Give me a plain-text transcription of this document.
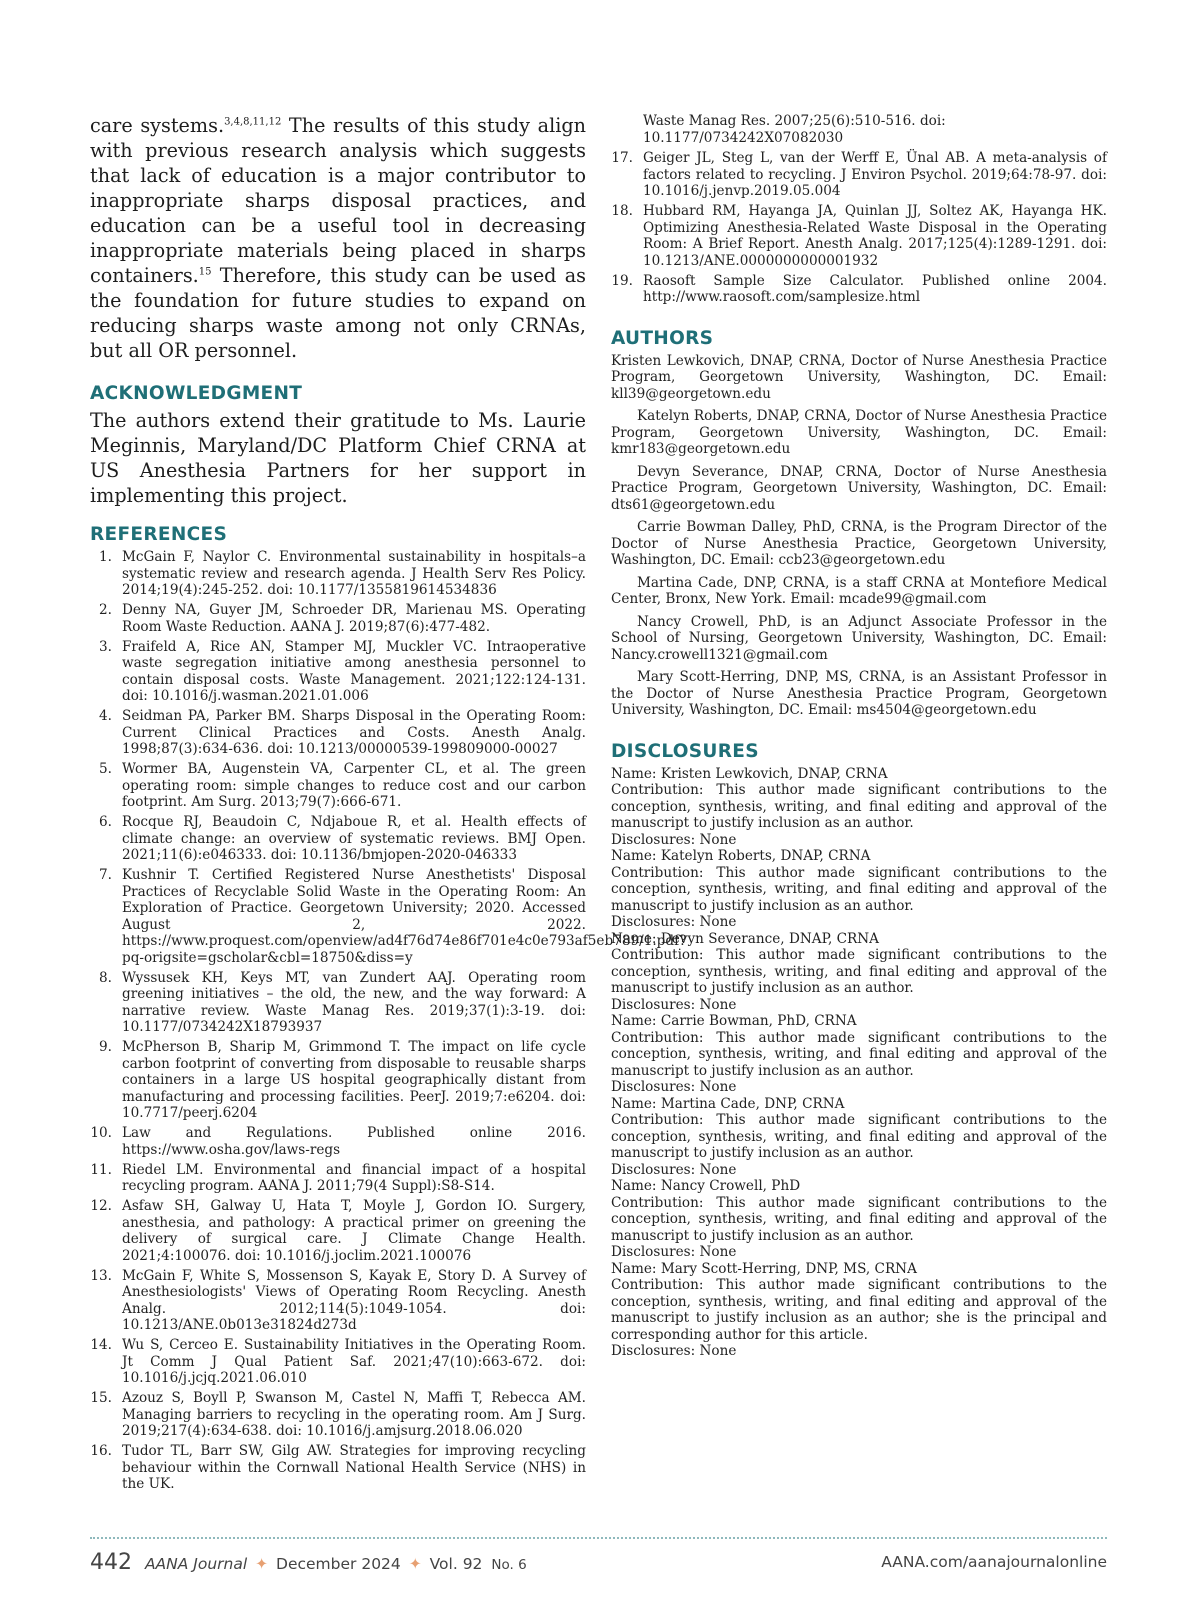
care systems.$^{3,4,8,11,12}$ The results of this study align with previous research analysis which suggests that lack of education is a major contributor to inappropriate sharps disposal practices, and education can be a useful tool in decreasing inappropriate materials being placed in sharps containers.$^{15}$ Therefore, this study can be used as the foundation for future studies to expand on reducing sharps waste among not only CRNAs, but all OR personnel.

ACKNOWLEDGMENT

The authors extend their gratitude to Ms. Laurie Meginnis, Maryland/DC Platform Chief CRNA at US Anesthesia Partners for her support in implementing this project.

REFERENCES
1. McGain F, Naylor C. Environmental sustainability in hospitals–a systematic review and research agenda. J Health Serv Res Policy. 2014;19(4):245-252. doi: 10.1177/1355819614534836
2. Denny NA, Guyer JM, Schroeder DR, Marienau MS. Operating Room Waste Reduction. AANA J. 2019;87(6):477-482.
3. Fraifeld A, Rice AN, Stamper MJ, Muckler VC. Intraoperative waste segregation initiative among anesthesia personnel to contain disposal costs. Waste Management. 2021;122:124-131. doi: 10.1016/j.wasman.2021.01.006
4. Seidman PA, Parker BM. Sharps Disposal in the Operating Room: Current Clinical Practices and Costs. Anesth Analg. 1998;87(3):634-636. doi: 10.1213/00000539-199809000-00027
5. Wormer BA, Augenstein VA, Carpenter CL, et al. The green operating room: simple changes to reduce cost and our carbon footprint. Am Surg. 2013;79(7):666-671.
6. Rocque RJ, Beaudoin C, Ndjaboue R, et al. Health effects of climate change: an overview of systematic reviews. BMJ Open. 2021;11(6):e046333. doi: 10.1136/bmjopen-2020-046333
7. Kushnir T. Certified Registered Nurse Anesthetists' Disposal Practices of Recyclable Solid Waste in the Operating Room: An Exploration of Practice. Georgetown University; 2020. Accessed August 2, 2022. https://www.proquest.com/openview/ad4f76d74e86f701e4c0e793af5eb789/1.pdf?pq-origsite=gscholar&cbl=18750&diss=y
8. Wyssusek KH, Keys MT, van Zundert AAJ. Operating room greening initiatives – the old, the new, and the way forward: A narrative review. Waste Manag Res. 2019;37(1):3-19. doi: 10.1177/0734242X18793937
9. McPherson B, Sharip M, Grimmond T. The impact on life cycle carbon footprint of converting from disposable to reusable sharps containers in a large US hospital geographically distant from manufacturing and processing facilities. PeerJ. 2019;7:e6204. doi: 10.7717/peerj.6204
10. Law and Regulations. Published online 2016. https://www.osha.gov/laws-regs
11. Riedel LM. Environmental and financial impact of a hospital recycling program. AANA J. 2011;79(4 Suppl):S8-S14.
12. Asfaw SH, Galway U, Hata T, Moyle J, Gordon IO. Surgery, anesthesia, and pathology: A practical primer on greening the delivery of surgical care. J Climate Change Health. 2021;4:100076. doi: 10.1016/j.joclim.2021.100076
13. McGain F, White S, Mossenson S, Kayak E, Story D. A Survey of Anesthesiologists' Views of Operating Room Recycling. Anesth Analg. 2012;114(5):1049-1054. doi: 10.1213/ANE.0b013e31824d273d
14. Wu S, Cerceo E. Sustainability Initiatives in the Operating Room. Jt Comm J Qual Patient Saf. 2021;47(10):663-672. doi: 10.1016/j.jcjq.2021.06.010
15. Azouz S, Boyll P, Swanson M, Castel N, Maffi T, Rebecca AM. Managing barriers to recycling in the operating room. Am J Surg. 2019;217(4):634-638. doi: 10.1016/j.amjsurg.2018.06.020
16. Tudor TL, Barr SW, Gilg AW. Strategies for improving recycling behaviour within the Cornwall National Health Service (NHS) in the UK.

Waste Manag Res. 2007;25(6):510-516. doi: 10.1177/0734242X07082030

17. Geiger JL, Steg L, van der Werff E, Ünal AB. A meta-analysis of factors related to recycling. J Environ Psychol. 2019;64:78-97. doi: 10.1016/j.jenvp.2019.05.004
18. Hubbard RM, Hayanga JA, Quinlan JJ, Soltez AK, Hayanga HK. Optimizing Anesthesia-Related Waste Disposal in the Operating Room: A Brief Report. Anesth Analg. 2017;125(4):1289-1291. doi: 10.1213/ANE.0000000000001932
19. Raosoft Sample Size Calculator. Published online 2004. http://www.raosoft.com/samplesize.html
AUTHORS

Kristen Lewkovich, DNAP, CRNA, Doctor of Nurse Anesthesia Practice Program, Georgetown University, Washington, DC. Email: kll39@georgetown.edu

Katelyn Roberts, DNAP, CRNA, Doctor of Nurse Anesthesia Practice Program, Georgetown University, Washington, DC. Email: kmr183@georgetown.edu

Devyn Severance, DNAP, CRNA, Doctor of Nurse Anesthesia Practice Program, Georgetown University, Washington, DC. Email: dts61@georgetown.edu

Carrie Bowman Dalley, PhD, CRNA, is the Program Director of the Doctor of Nurse Anesthesia Practice, Georgetown University, Washington, DC. Email: ccb23@georgetown.edu

Martina Cade, DNP, CRNA, is a staff CRNA at Montefiore Medical Center, Bronx, New York. Email: mcade99@gmail.com

Nancy Crowell, PhD, is an Adjunct Associate Professor in the School of Nursing, Georgetown University, Washington, DC. Email: Nancy.crowell1321@gmail.com

Mary Scott-Herring, DNP, MS, CRNA, is an Assistant Professor in the Doctor of Nurse Anesthesia Practice Program, Georgetown University, Washington, DC. Email: ms4504@georgetown.edu

DISCLOSURES

Name: Kristen Lewkovich, DNAP, CRNA

Contribution: This author made significant contributions to the conception, synthesis, writing, and final editing and approval of the manuscript to justify inclusion as an author.

Disclosures: None

Name: Katelyn Roberts, DNAP, CRNA

Contribution: This author made significant contributions to the conception, synthesis, writing, and final editing and approval of the manuscript to justify inclusion as an author.

Disclosures: None

Name: Devyn Severance, DNAP, CRNA

Contribution: This author made significant contributions to the conception, synthesis, writing, and final editing and approval of the manuscript to justify inclusion as an author.

Disclosures: None

Name: Carrie Bowman, PhD, CRNA

Contribution: This author made significant contributions to the conception, synthesis, writing, and final editing and approval of the manuscript to justify inclusion as an author.

Disclosures: None

Name: Martina Cade, DNP, CRNA

Contribution: This author made significant contributions to the conception, synthesis, writing, and final editing and approval of the manuscript to justify inclusion as an author.

Disclosures: None

Name: Nancy Crowell, PhD

Contribution: This author made significant contributions to the conception, synthesis, writing, and final editing and approval of the manuscript to justify inclusion as an author.

Disclosures: None

Name: Mary Scott-Herring, DNP, MS, CRNA

Contribution: This author made significant contributions to the conception, synthesis, writing, and final editing and approval of the manuscript to justify inclusion as an author; she is the principal and corresponding author for this article.

Disclosures: None

442 AANA Journal ✦ December 2024 ✦ Vol. 92 No. 6	AANA.com/aanajournalonline
